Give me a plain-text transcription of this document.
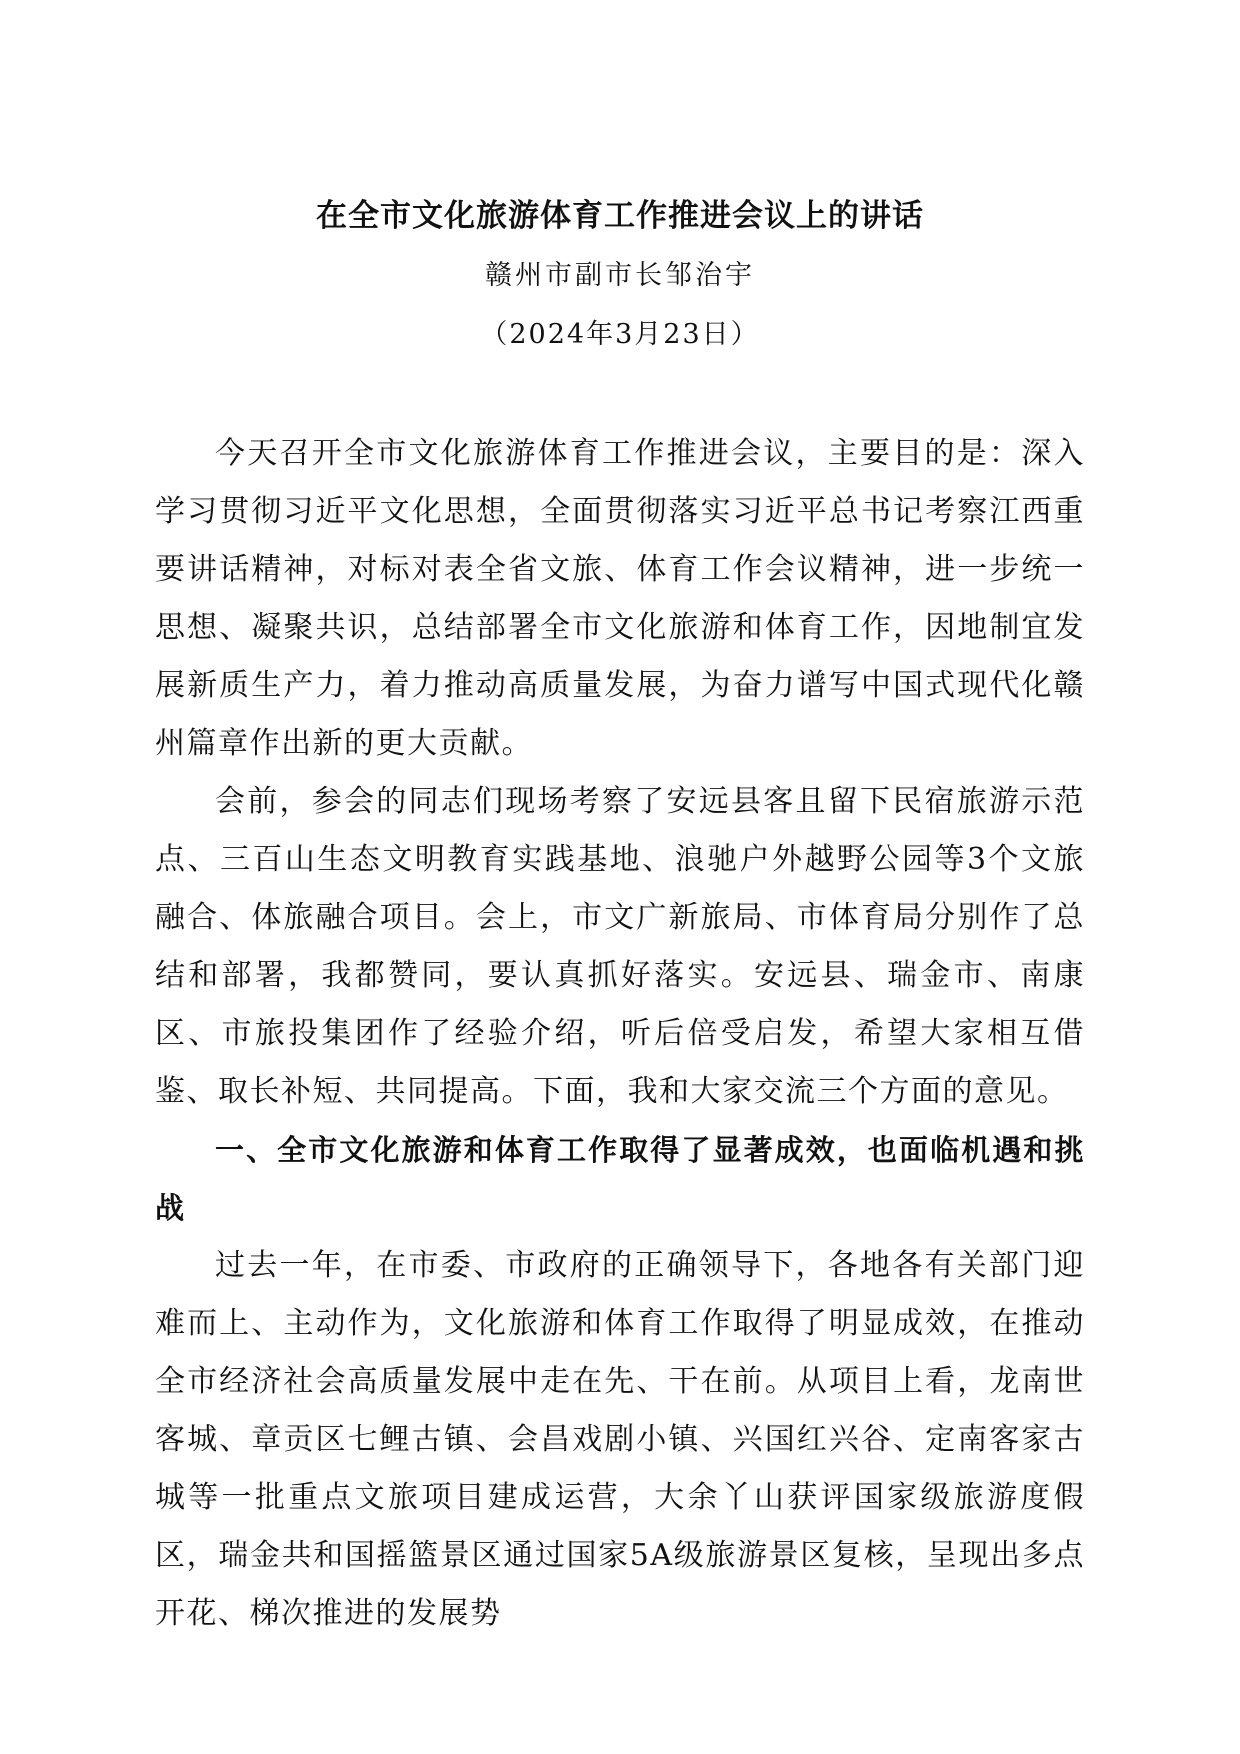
在全市文化旅游体育工作推进会议上的讲话
赣州市副市长邹治宇
（2024年3月23日）

今天召开全市文化旅游体育工作推进会议，主要目的是：深入学习贯彻习近平文化思想，全面贯彻落实习近平总书记考察江西重要讲话精神，对标对表全省文旅、体育工作会议精神，进一步统一思想、凝聚共识，总结部署全市文化旅游和体育工作，因地制宜发展新质生产力，着力推动高质量发展，为奋力谱写中国式现代化赣州篇章作出新的更大贡献。

会前，参会的同志们现场考察了安远县客且留下民宿旅游示范点、三百山生态文明教育实践基地、浪驰户外越野公园等3个文旅融合、体旅融合项目。会上，市文广新旅局、市体育局分别作了总结和部署，我都赞同，要认真抓好落实。安远县、瑞金市、南康区、市旅投集团作了经验介绍，听后倍受启发，希望大家相互借鉴、取长补短、共同提高。下面，我和大家交流三个方面的意见。

一、全市文化旅游和体育工作取得了显著成效，也面临机遇和挑战

过去一年，在市委、市政府的正确领导下，各地各有关部门迎难而上、主动作为，文化旅游和体育工作取得了明显成效，在推动全市经济社会高质量发展中走在先、干在前。从项目上看，龙南世客城、章贡区七鲤古镇、会昌戏剧小镇、兴国红兴谷、定南客家古城等一批重点文旅项目建成运营，大余丫山获评国家级旅游度假区，瑞金共和国摇篮景区通过国家5A级旅游景区复核，呈现出多点开花、梯次推进的发展势
